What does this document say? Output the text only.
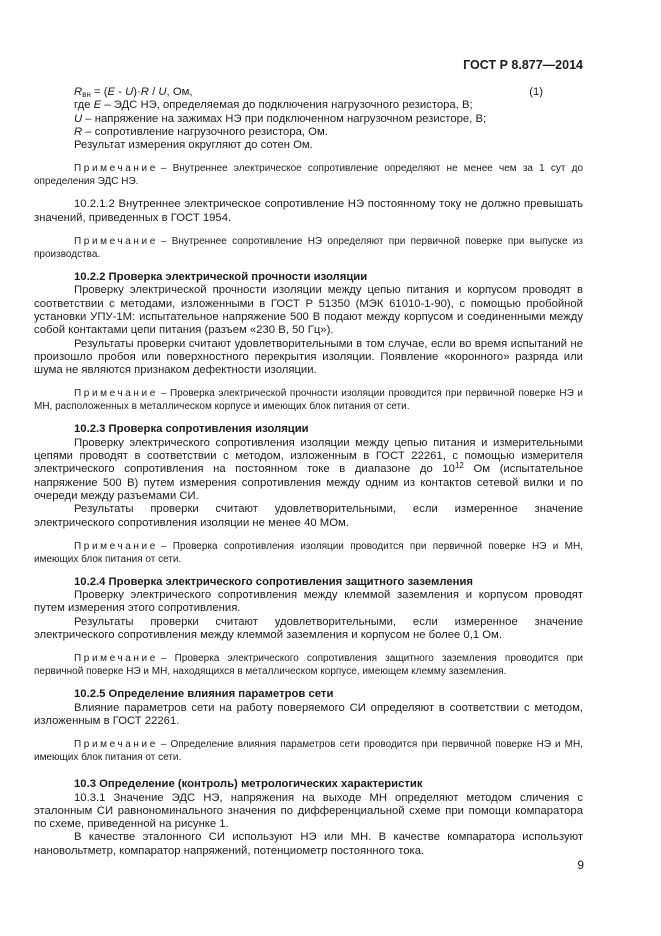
ГОСТ Р 8.877—2014
$R_{вн} = (E - U)\cdot R / U$, Ом,	(1)
где E – ЭДС НЭ, определяемая до подключения нагрузочного резистора, В;
U – напряжение на зажимах НЭ при подключенном нагрузочном резисторе, В;
R – сопротивление нагрузочного резистора, Ом.
Результат измерения округляют до сотен Ом.

Примечание – Внутреннее электрическое сопротивление определяют не менее чем за 1 сут до определения ЭДС НЭ.

10.2.1.2 Внутреннее электрическое сопротивление НЭ постоянному току не должно превышать значений, приведенных в ГОСТ 1954.

Примечание – Внутреннее сопротивление НЭ определяют при первичной поверке при выпуске из производства.

10.2.2 Проверка электрической прочности изоляции

Проверку электрической прочности изоляции между цепью питания и корпусом проводят в соответствии с методами, изложенными в ГОСТ Р 51350 (МЭК 61010-1-90), с помощью пробойной установки УПУ-1М: испытательное напряжение 500 В подают между корпусом и соединенными между собой контактами цепи питания (разъем «230 В, 50 Гц»).

Результаты проверки считают удовлетворительными в том случае, если во время испытаний не произошло пробоя или поверхностного перекрытия изоляции. Появление «коронного» разряда или шума не являются признаком дефектности изоляции.

Примечание – Проверка электрической прочности изоляции проводится при первичной поверке НЭ и МН, расположенных в металлическом корпусе и имеющих блок питания от сети.

10.2.3 Проверка сопротивления изоляции

Проверку электрического сопротивления изоляции между цепью питания и измерительными цепями проводят в соответствии с методом, изложенным в ГОСТ 22261, с помощью измерителя электрического сопротивления на постоянном токе в диапазоне до $10^{12}$ Ом (испытательное напряжение 500 В) путем измерения сопротивления между одним из контактов сетевой вилки и по очереди между разъемами СИ.

Результаты проверки считают удовлетворительными, если измеренное значение электрического сопротивления изоляции не менее 40 МОм.

Примечание – Проверка сопротивления изоляции проводится при первичной поверке НЭ и МН, имеющих блок питания от сети.

10.2.4 Проверка электрического сопротивления защитного заземления

Проверку электрического сопротивления между клеммой заземления и корпусом проводят путем измерения этого сопротивления.

Результаты проверки считают удовлетворительными, если измеренное значение электрического сопротивления между клеммой заземления и корпусом не более 0,1 Ом.

Примечание – Проверка электрического сопротивления защитного заземления проводится при первичной поверке НЭ и МН, находящихся в металлическом корпусе, имеющем клемму заземления.

10.2.5 Определение влияния параметров сети

Влияние параметров сети на работу поверяемого СИ определяют в соответствии с методом, изложенным в ГОСТ 22261.

Примечание – Определение влияния параметров сети проводится при первичной поверке НЭ и МН, имеющих блок питания от сети.

10.3 Определение (контроль) метрологических характеристик

10.3.1 Значение ЭДС НЭ, напряжения на выходе МН определяют методом сличения с эталонным СИ равнономинального значения по дифференциальной схеме при помощи компаратора по схеме, приведенной на рисунке 1.

В качестве эталонного СИ используют НЭ или МН. В качестве компаратора используют нановольтметр, компаратор напряжений, потенциометр постоянного тока.

9
